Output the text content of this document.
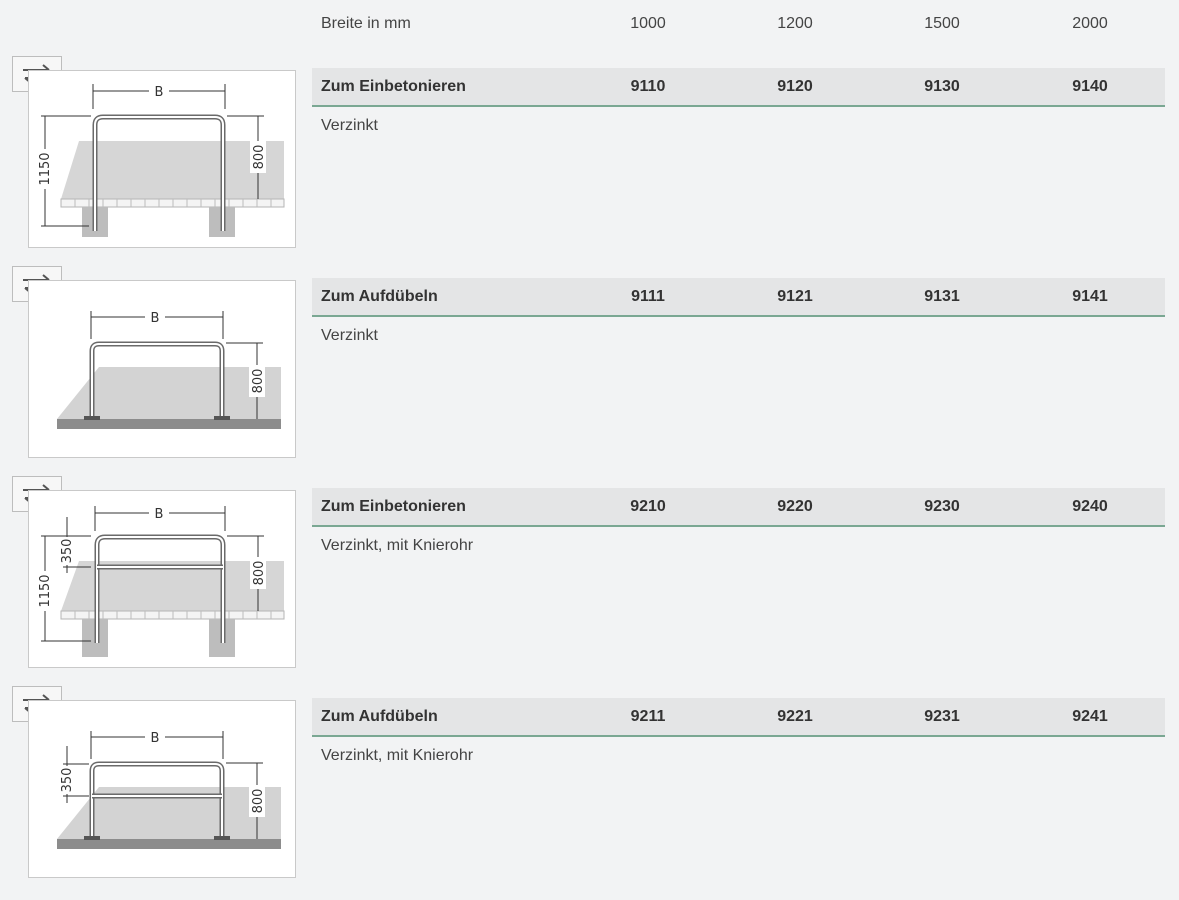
Breite in mm	1000	1200	1500	2000
B
1150	800
Zum Einbetonieren	9110	9120	9130	9140
Verzinkt
B
800
Zum Aufdübeln	9111	9121	9131	9141
Verzinkt
B
1150
350
800
Zum Einbetonieren	9210	9220	9230	9240
Verzinkt, mit Knierohr
B
350
800
Zum Aufdübeln	9211	9221	9231	9241
Verzinkt, mit Knierohr
